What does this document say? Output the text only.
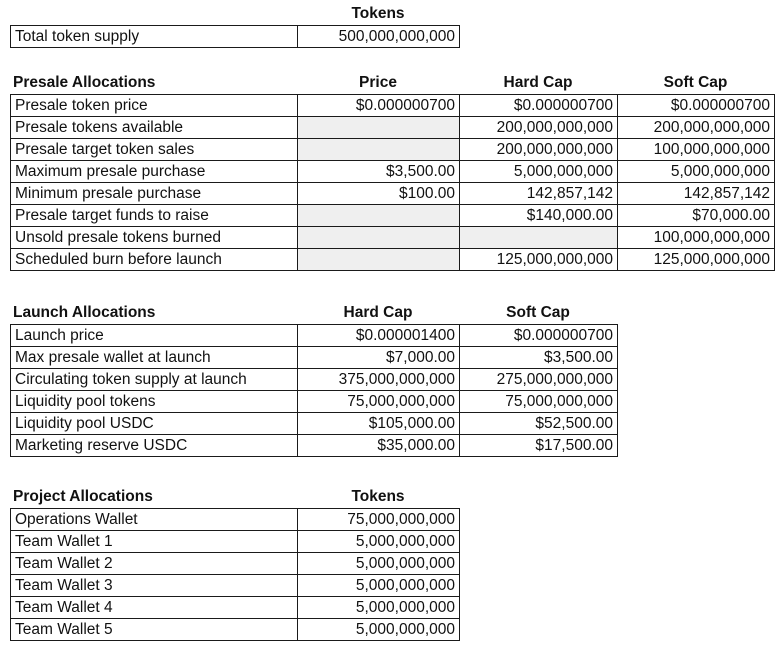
Tokens
Total token supply	500,000,000,000
Presale Allocations	Price	Hard Cap	Soft Cap
Presale token price	$0.000000700	$0.000000700	$0.000000700
Presale tokens available		200,000,000,000	200,000,000,000
Presale target token sales		200,000,000,000	100,000,000,000
Maximum presale purchase	$3,500.00	5,000,000,000	5,000,000,000
Minimum presale purchase	$100.00	142,857,142	142,857,142
Presale target funds to raise		$140,000.00	$70,000.00
Unsold presale tokens burned			100,000,000,000
Scheduled burn before launch		125,000,000,000	125,000,000,000
Launch Allocations	Hard Cap	Soft Cap
Launch price	$0.000001400	$0.000000700
Max presale wallet at launch	$7,000.00	$3,500.00
Circulating token supply at launch	375,000,000,000	275,000,000,000
Liquidity pool tokens	75,000,000,000	75,000,000,000
Liquidity pool USDC	$105,000.00	$52,500.00
Marketing reserve USDC	$35,000.00	$17,500.00
Project Allocations	Tokens
Operations Wallet	75,000,000,000
Team Wallet 1	5,000,000,000
Team Wallet 2	5,000,000,000
Team Wallet 3	5,000,000,000
Team Wallet 4	5,000,000,000
Team Wallet 5	5,000,000,000
